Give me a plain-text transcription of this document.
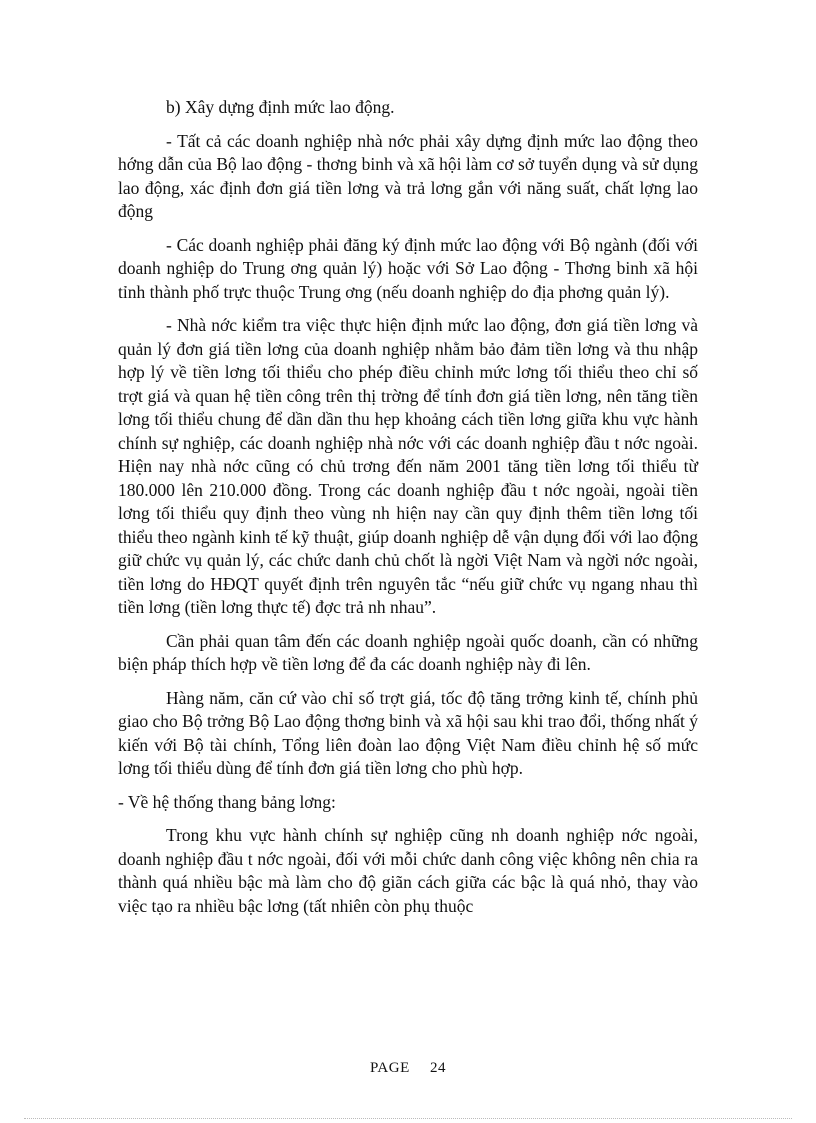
b) Xây dựng định mức lao động.

- Tất cả các doanh nghiệp nhà nớc phải xây dựng định mức lao động theo hớng dẫn của Bộ lao động - thơng binh và xã hội làm cơ sở tuyển dụng và sử dụng lao động, xác định đơn giá tiền lơng và trả lơng gắn với năng suất, chất lợng lao động

- Các doanh nghiệp phải đăng ký định mức lao động với Bộ ngành (đối với doanh nghiệp do Trung ơng quản lý) hoặc với Sở Lao động - Thơng binh xã hội tỉnh thành phố trực thuộc Trung ơng (nếu doanh nghiệp do địa phơng quản lý).

- Nhà nớc kiểm tra việc thực hiện định mức lao động, đơn giá tiền lơng và quản lý đơn giá tiền lơng của doanh nghiệp nhằm bảo đảm tiền lơng và thu nhập hợp lý về tiền lơng tối thiểu cho phép điều chỉnh mức lơng tối thiểu theo chỉ số trợt giá và quan hệ tiền công trên thị trờng để tính đơn giá tiền lơng, nên tăng tiền lơng tối thiểu chung để dần dần thu hẹp khoảng cách tiền lơng giữa khu vực hành chính sự nghiệp, các doanh nghiệp nhà nớc với các doanh nghiệp đầu t nớc ngoài. Hiện nay nhà nớc cũng có chủ trơng đến năm 2001 tăng tiền lơng tối thiểu từ 180.000 lên 210.000 đồng. Trong các doanh nghiệp đầu t nớc ngoài, ngoài tiền lơng tối thiểu quy định theo vùng nh hiện nay cần quy định thêm tiền lơng tối thiểu theo ngành kinh tế kỹ thuật, giúp doanh nghiệp dễ vận dụng đối với lao động giữ chức vụ quản lý, các chức danh chủ chốt là ngời Việt Nam và ngời nớc ngoài, tiền lơng do HĐQT quyết định trên nguyên tắc “nếu giữ chức vụ ngang nhau thì tiền lơng (tiền lơng thực tế) đợc trả nh nhau”.

Cần phải quan tâm đến các doanh nghiệp ngoài quốc doanh, cần có những biện pháp thích hợp về tiền lơng để đa các doanh nghiệp này đi lên.

Hàng năm, căn cứ vào chỉ số trợt giá, tốc độ tăng trởng kinh tế, chính phủ giao cho Bộ trởng Bộ Lao động thơng binh và xã hội sau khi trao đổi, thống nhất ý kiến với Bộ tài chính, Tổng liên đoàn lao động Việt Nam điều chỉnh hệ số mức lơng tối thiểu dùng để tính đơn giá tiền lơng cho phù hợp.

- Về hệ thống thang bảng lơng:

Trong khu vực hành chính sự nghiệp cũng nh doanh nghiệp nớc ngoài, doanh nghiệp đầu t nớc ngoài, đối với mỗi chức danh công việc không nên chia ra thành quá nhiều bậc mà làm cho độ giãn cách giữa các bậc là quá nhỏ, thay vào việc tạo ra nhiều bậc lơng (tất nhiên còn phụ thuộc

PAGE 24
